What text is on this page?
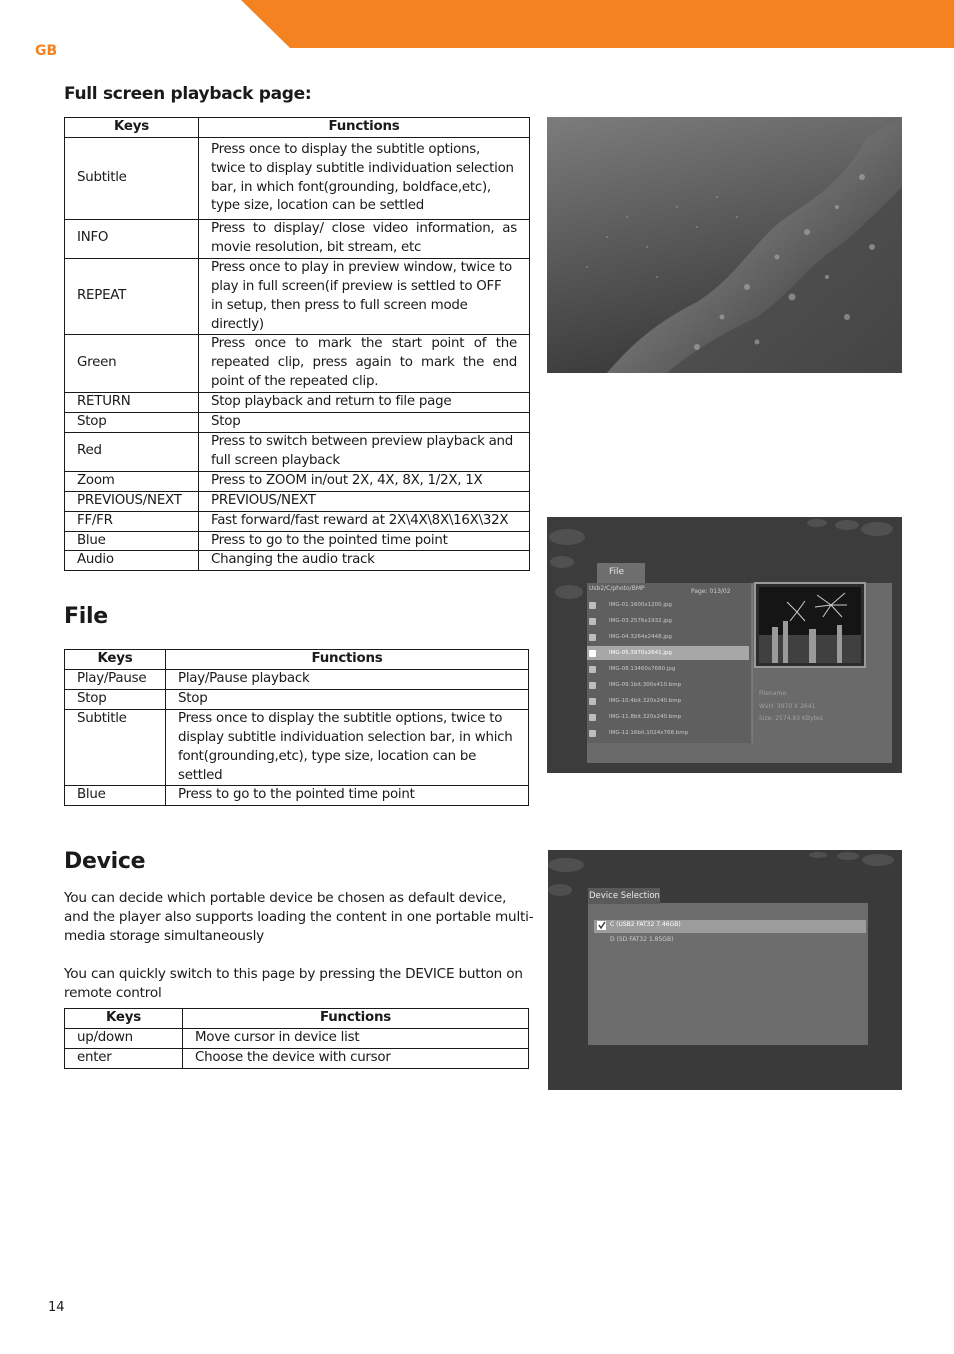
GB
Full screen playback page:
Keys	Functions
Subtitle	Press once to display the subtitle options, twice to display subtitle individuation selection bar, in which font(grounding, boldface,etc), type size, location can be settled
INFO	Press to display/ close video information, as movie resolution, bit stream, etc
REPEAT	Press once to play in preview window, twice to play in full screen(if preview is settled to OFF in setup, then press to full screen mode directly)
Green	Press once to mark the start point of the repeated clip, press again to mark the end point of the repeated clip.
RETURN	Stop playback and return to file page
Stop	Stop
Red	Press to switch between preview playback and full screen playback
Zoom	Press to ZOOM in/out 2X, 4X, 8X, 1/2X, 1X
PREVIOUS/NEXT	PREVIOUS/NEXT
FF/FR	Fast forward/fast reward at 2X\4X\8X\16X\32X
Blue	Press to go to the pointed time point
Audio	Changing the audio track
File
Keys	Functions
Play/Pause	Play/Pause playback
Stop	Stop
Subtitle	Press once to display the subtitle options, twice to display subtitle individuation selection bar, in which font(grounding,etc), type size, location can be settled
Blue	Press to go to the pointed time point
File
Usb2/C/photo/BMP	Page: 013/02
IMG-01.1600x1200.jpg
IMG-03.2576x1932.jpg
IMG-04.3264x2448.jpg
IMG-05.3970x2641.jpg
IMG-08.13460x7680.jpg
IMG-09.1bit.300x410.bmp
IMG-10.4bit.320x240.bmp
IMG-11.8bit.320x240.bmp
IMG-12.16bit.1024x768.bmp
Filename:
WxH: 3970 X 2641
Size: 2574.83 KBytes
Device
You can decide which portable device be chosen as default device, and the player also supports loading the content in one portable multi-media storage simultaneously
You can quickly switch to this page by pressing the DEVICE button on remote control
Keys	Functions
up/down	Move cursor in device list
enter	Choose the device with cursor
Device Selection
C (USB2 FAT32 7.46GB)
D (SD FAT32 1.85GB)
14
